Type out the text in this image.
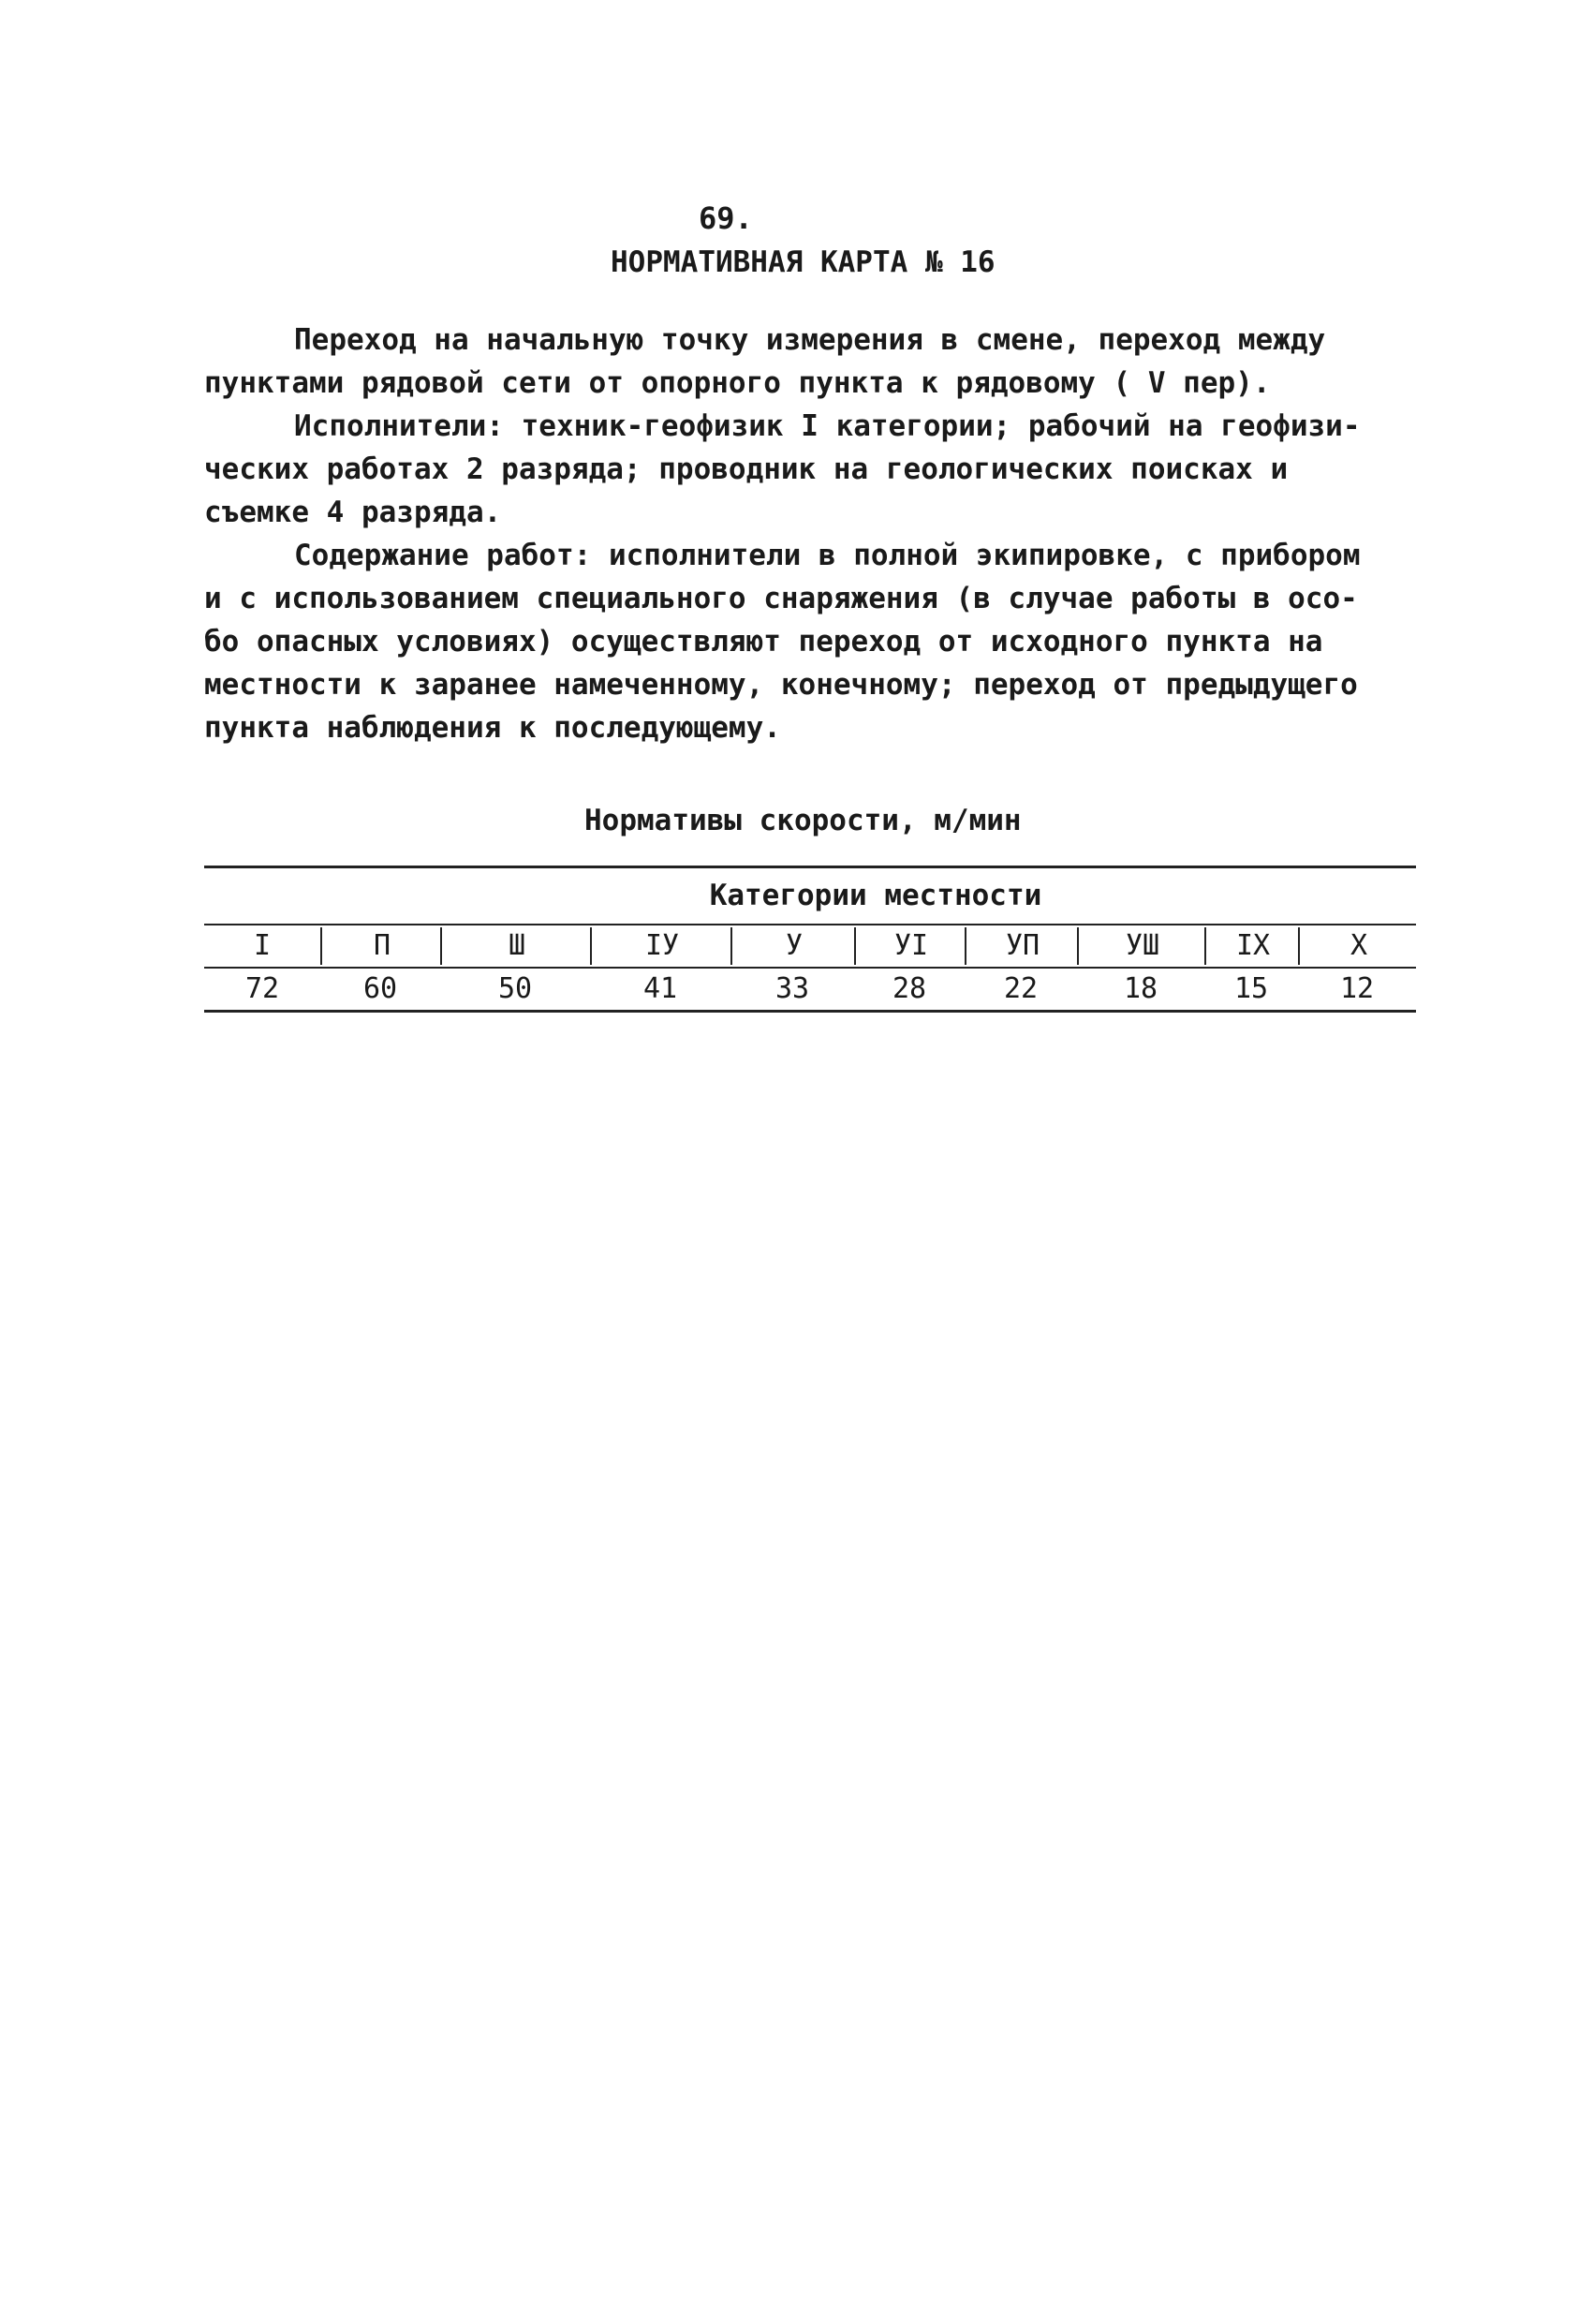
69.
НОРМАТИВНАЯ КАРТА № 16

Переход на начальную точку измерения в смене, переход между
пунктами рядовой сети от опорного пункта к рядовому ( V пер).

Исполнители: техник-геофизик I категории; рабочий на геофизи-
ческих работах 2 разряда; проводник на геологических поисках и
съемке 4 разряда.

Содержание работ: исполнители в полной экипировке, с прибором
и с использованием специального снаряжения (в случае работы в осо-
бо опасных условиях) осуществляют переход от исходного пункта на
местности к заранее намеченному, конечному; переход от предыдущего
пункта наблюдения к последующему.

Нормативы скорости, м/мин
Категории местности
I	П	Ш	IУ	У	УI	УП	УШ	IX	X
72	60	50	41	33	28	22	18	15	12
